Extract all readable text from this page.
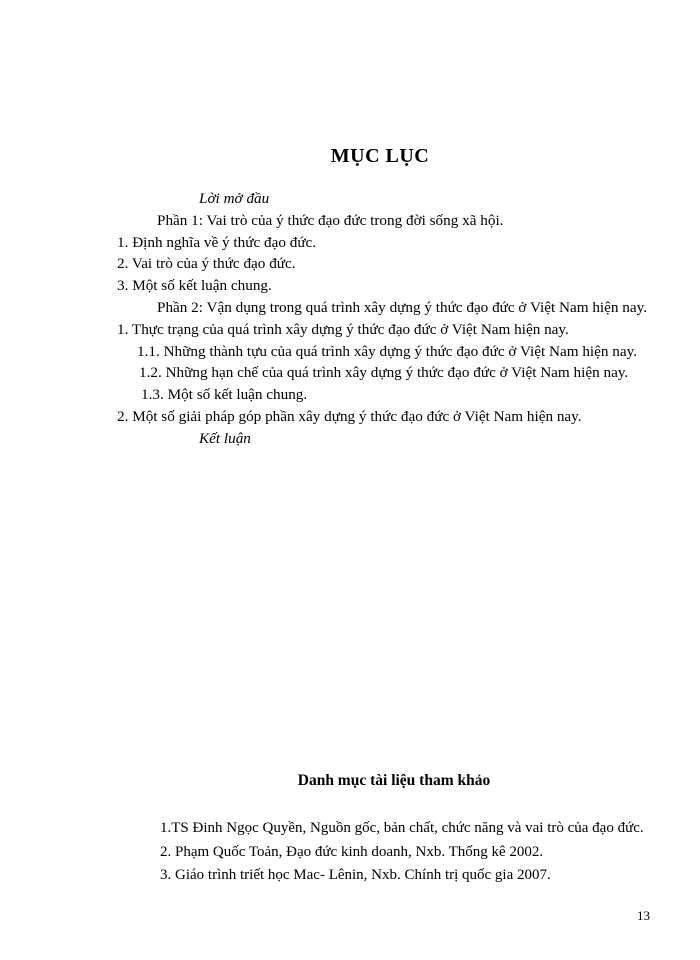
MỤC LỤC
Lời mở đầu
Phần 1: Vai trò của ý thức đạo đức trong đời sống xã hội.
1. Định nghĩa về ý thức đạo đức.
2. Vai trò của ý thức đạo đức.
3. Một số kết luận chung.
Phần 2: Vận dụng trong quá trình xây dựng ý thức đạo đức ở Việt Nam hiện nay.
1. Thực trạng của quá trình xây dựng ý thức đạo đức ở Việt Nam hiện nay.
1.1. Những thành tựu của quá trình xây dựng ý thức đạo đức ở Việt Nam hiện nay.
1.2. Những hạn chế của quá trình xây dựng ý thức đạo đức ở Việt Nam hiện nay.
1.3. Một số kết luận chung.
2. Một số giải pháp góp phần xây dựng ý thức đạo đức ở Việt Nam hiện nay.
Kết luận
Danh mục tài liệu tham khảo
1.TS Đinh Ngọc Quyền, Nguồn gốc, bản chất, chức năng và vai trò của đạo đức.
2. Phạm Quốc Toản, Đạo đức kinh doanh, Nxb. Thống kê 2002.
3. Giáo trình triết học Mac- Lênin, Nxb. Chính trị quốc gia 2007.
13
